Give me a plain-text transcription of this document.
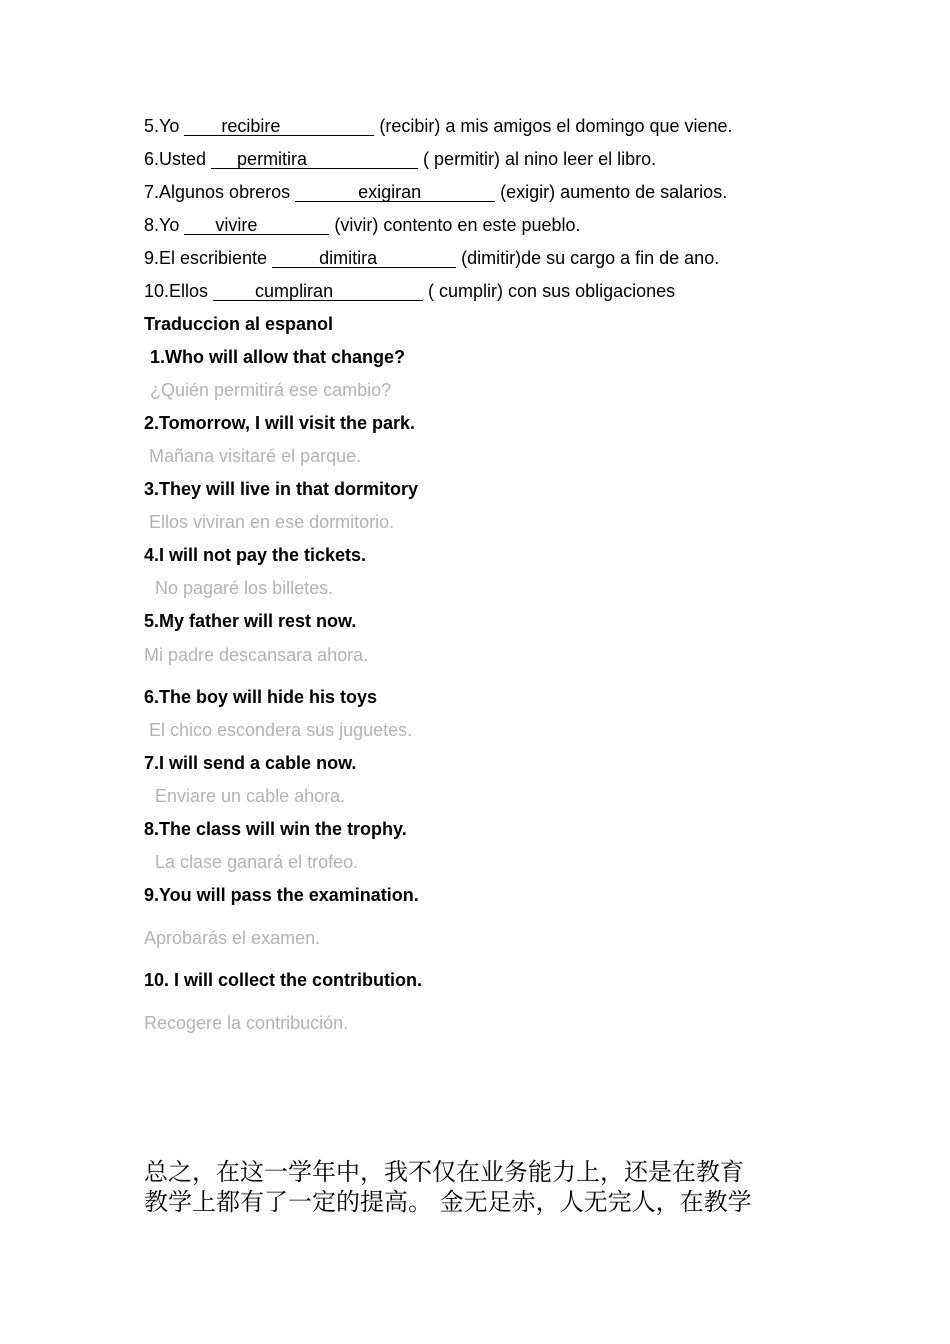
5.Yo recibire	(recibir) a mis amigos el domingo que viene.
6.Usted permitira	( permitir) al nino leer el libro.
7.Algunos obreros	exigiran	(exigir) aumento de salarios.
8.Yo vivire	(vivir) contento en este pueblo.
9.El escribiente	dimitira	(dimitir)de su cargo a fin de ano.
10.Ellos cumpliran	( cumplir) con sus obligaciones
Traduccion al espanol
1.Who will allow that change?
¿Quién permitirá ese cambio?
2.Tomorrow, I will visit the park.
Mañana visitaré el parque.
3.They will live in that dormitory
Ellos viviran en ese dormitorio.
4.I will not pay the tickets.
No pagaré los billetes.
5.My father will rest now.
Mi padre descansara ahora.
6.The boy will hide his toys
El chico escondera sus juguetes.
7.I will send a cable now.
Enviare un cable ahora.
8.The class will win the trophy.
La clase ganará el trofeo.
9.You will pass the examination.
Aprobarás el examen.
10. I will collect the contribution.
Recogere la contribución.
总之，在这一学年中，我不仅在业务能力上，还是在教育
教学上都有了一定的提高。 金无足赤，人无完人，在教学
